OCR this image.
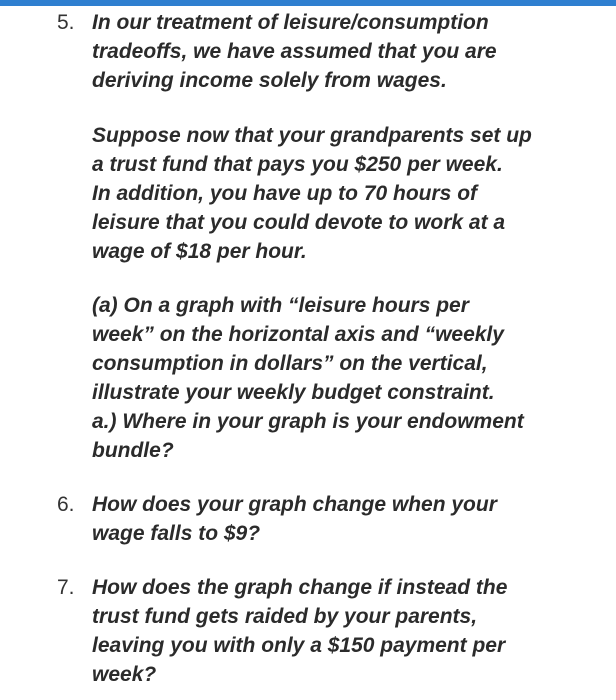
5. In our treatment of leisure/consumption
tradeoffs, we have assumed that you are
deriving income solely from wages.

Suppose now that your grandparents set up
a trust fund that pays you $250 per week.
In addition, you have up to 70 hours of
leisure that you could devote to work at a
wage of $18 per hour.

(a) On a graph with “leisure hours per
week” on the horizontal axis and “weekly
consumption in dollars” on the vertical,
illustrate your weekly budget constraint.
a.) Where in your graph is your endowment
bundle?

6. How does your graph change when your
wage falls to $9?

7. How does the graph change if instead the
trust fund gets raided by your parents,
leaving you with only a $150 payment per
week?
